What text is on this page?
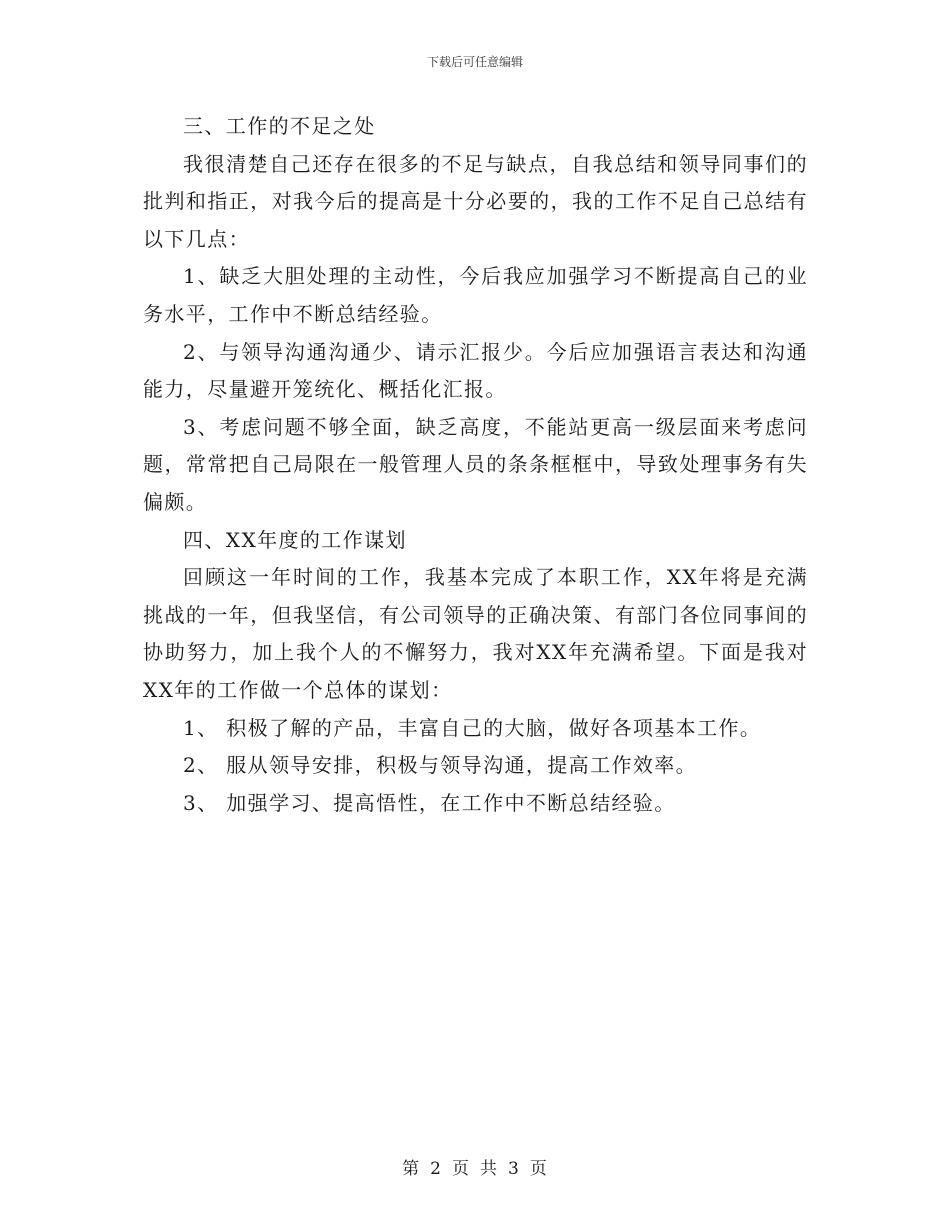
下载后可任意编辑

三、工作的不足之处

我很清楚自己还存在很多的不足与缺点，自我总结和领导同事们的批判和指正，对我今后的提高是十分必要的，我的工作不足自己总结有以下几点：

1、缺乏大胆处理的主动性，今后我应加强学习不断提高自己的业务水平，工作中不断总结经验。

2、与领导沟通沟通少、请示汇报少。今后应加强语言表达和沟通能力，尽量避开笼统化、概括化汇报。

3、考虑问题不够全面，缺乏高度，不能站更高一级层面来考虑问题，常常把自己局限在一般管理人员的条条框框中，导致处理事务有失偏颇。

四、XX年度的工作谋划

回顾这一年时间的工作，我基本完成了本职工作，XX年将是充满挑战的一年，但我坚信，有公司领导的正确决策、有部门各位同事间的协助努力，加上我个人的不懈努力，我对XX年充满希望。下面是我对XX年的工作做一个总体的谋划：

1、 积极了解的产品，丰富自己的大脑，做好各项基本工作。

2、 服从领导安排，积极与领导沟通，提高工作效率。

3、 加强学习、提高悟性，在工作中不断总结经验。

第 2 页 共 3 页
